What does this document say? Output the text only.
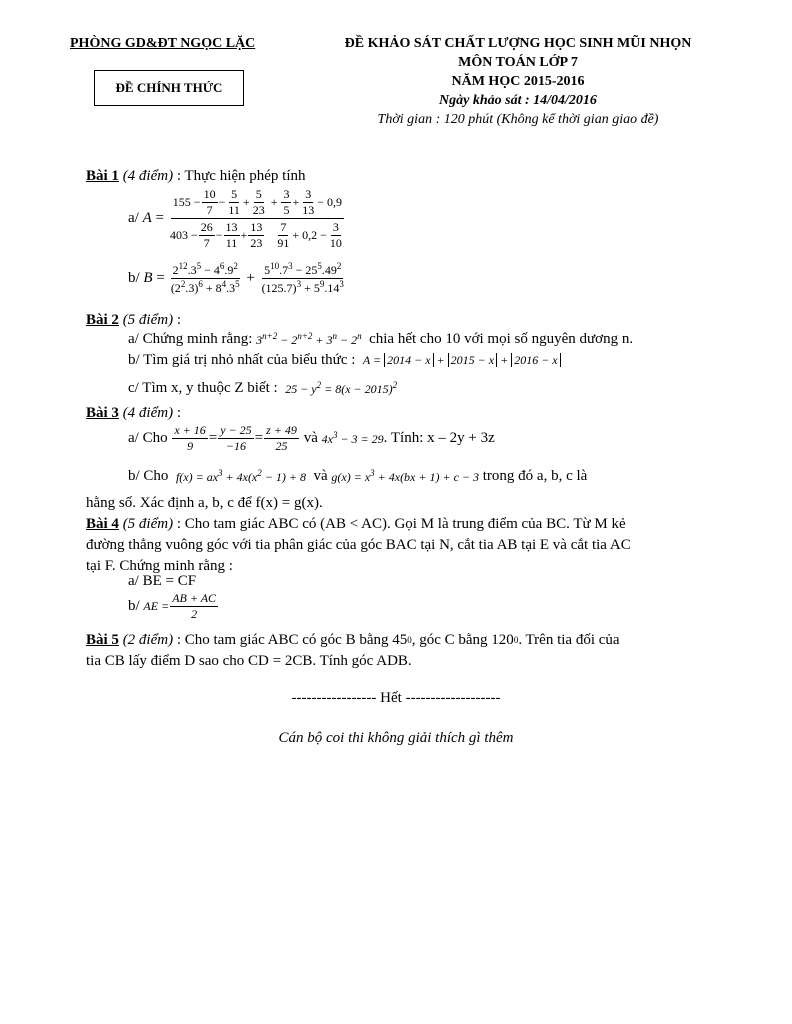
PHÒNG GD&ĐT NGỌC LẶC
ĐỀ CHÍNH THỨC
ĐỀ KHẢO SÁT CHẤT LƯỢNG HỌC SINH MŨI NHỌN
MÔN TOÁN LỚP 7
NĂM HỌC 2015-2016
Ngày khảo sát : 14/04/2016
Thời gian : 120 phút (Không kể thời gian giao đề)
Bài 1
(4 điểm)
: Thực hiện phép tính
a/
$A = 155 - \frac{10}{7} - \frac{5}{11} + \frac{5}{23} + \frac{3}{5} + \frac{3}{13} - 0,9$
$403 - \frac{26}{7} - \frac{13}{11} + \frac{13}{23}$
$\frac{7}{91} + 0,2 - \frac{3}{10}$
b/
$B = \frac{2^{12}.3^5 - 4^6.9^2}{(2^2.3)^6 + 8^4.3^5} + \frac{5^{10}.7^3 - 25^5.49^2}{(125.7)^3 + 5^9.14^3}$
Bài 2
(5 điểm)
:
a/ Chứng minh rằng:
$3^{n+2} - 2^{n+2} + 3^n - 2^n$
chia hết cho 10 với mọi số nguyên dương n.
b/ Tìm giá trị nhỏ nhất của biểu thức :
A = 2014 − x + 2015 − x + 2016 − x
c/ Tìm x, y thuộc Z biết :
$25 - y^2 = 8(x - 2015)^2$
Bài 3
(4 điểm)
:
a/ Cho
$\frac{x + 16}{9} = \frac{y - 25}{-16} = \frac{z + 49}{25}$
và
$4x^3 - 3 = 29$ . Tính: x – 2y + 3z
b/ Cho
$f(x) = ax^3 + 4x(x^2 - 1) + 8$
và
$g(x) = x^3 + 4x(bx + 1) + c - 3$
trong đó a, b, c là
hằng số. Xác định a, b, c để f(x) = g(x).
Bài 4
(5 điểm)
: Cho tam giác ABC có (AB < AC). Gọi M là trung điểm của BC. Từ M kẻ
đường thẳng vuông góc với tia phân giác của góc BAC tại N, cắt tia AB tại E và cắt tia AC
tại F. Chứng minh rằng :
a/ BE = CF
b/
AE = $\frac{AB + AC}{2}$
Bài 5
(2 điểm)
: Cho tam giác ABC có góc B bằng 45 0 , góc C bằng 120 0 . Trên tia đối của
tia CB lấy điểm D sao cho CD = 2CB. Tính góc ADB.
----------------- Hết -------------------
Cán bộ coi thi không giải thích gì thêm
